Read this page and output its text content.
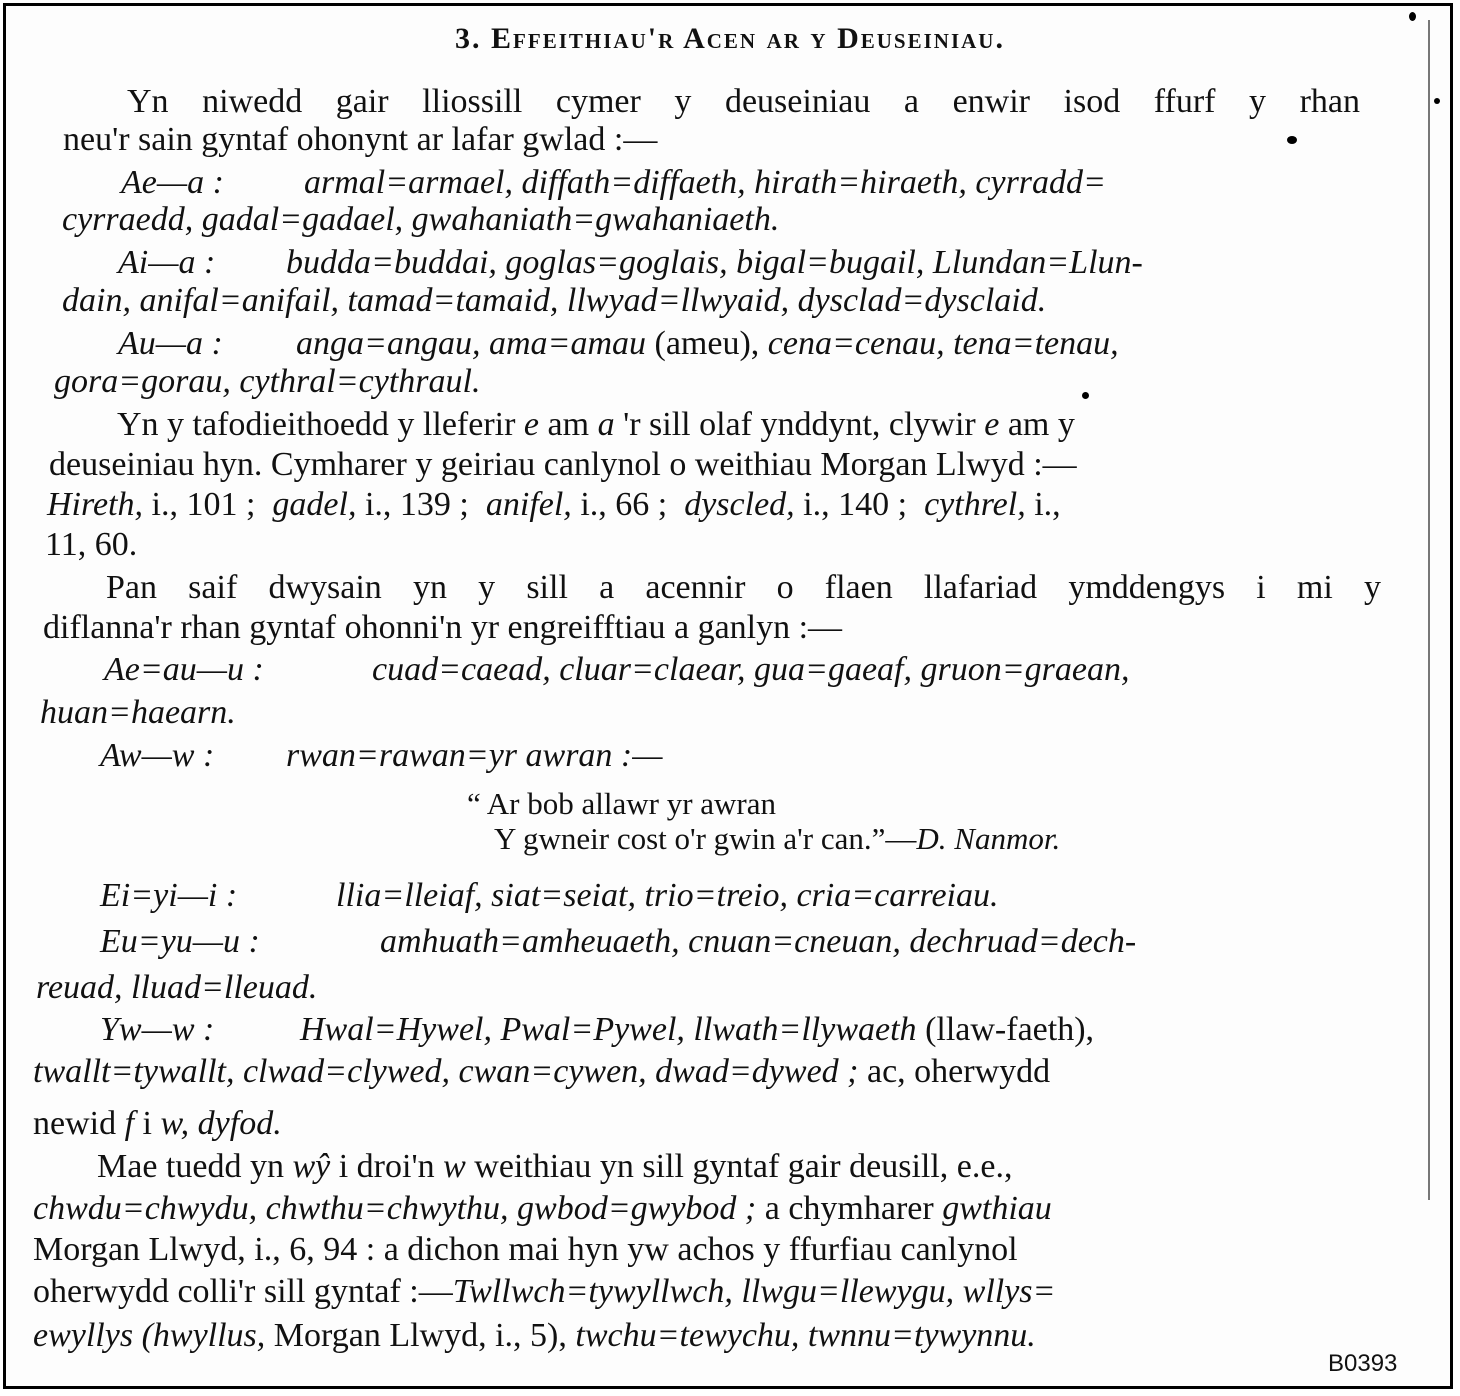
3. Effeithiau'r Acen ar y Deuseiniau.
Yn niwedd gair lliossill cymer y deuseiniau a enwir isod ffurf y rhan
neu'r sain gyntaf ohonynt ar lafar gwlad :—
Ae—a : armal=armael, diffath=diffaeth, hirath=hiraeth, cyrradd=
cyrraedd, gadal=gadael, gwahaniath=gwahaniaeth.
Ai—a : budda=buddai, goglas=goglais, bigal=bugail, Llundan=Llun-
dain, anifal=anifail, tamad=tamaid, llwyad=llwyaid, dysclad=dysclaid.
Au—a : anga=angau, ama=amau (ameu), cena=cenau, tena=tenau,
gora=gorau, cythral=cythraul.
Yn y tafodieithoedd y lleferir e am a 'r sill olaf ynddynt, clywir e am y
deuseiniau hyn. Cymharer y geiriau canlynol o weithiau Morgan Llwyd :—
Hireth, i., 101 ; gadel, i., 139 ; anifel, i., 66 ; dyscled, i., 140 ; cythrel, i.,
11, 60.
Pan saif dwysain yn y sill a acennir o flaen llafariad ymddengys i mi y
diflanna'r rhan gyntaf ohonni'n yr engreifftiau a ganlyn :—
Ae=au—u :	cuad=caead, cluar=claear, gua=gaeaf, gruon=graean,
huan=haearn.
Aw—w : rwan=rawan=yr awran :—
“ Ar bob allawr yr awran
Y gwneir cost o'r gwin a'r can.”—D. Nanmor.
Ei=yi—i :	llia=lleiaf, siat=seiat, trio=treio, cria=carreiau.
Eu=yu—u :	amhuath=amheuaeth, cnuan=cneuan, dechruad=dech-
reuad, lluad=lleuad.
Yw—w :	Hwal=Hywel, Pwal=Pywel, llwath=llywaeth (llaw-faeth),
twallt=tywallt, clwad=clywed, cwan=cywen, dwad=dywed ; ac, oherwydd
newid f i w, dyfod.
Mae tuedd yn wŷ i droi'n w weithiau yn sill gyntaf gair deusill, e.e.,
chwdu=chwydu, chwthu=chwythu, gwbod=gwybod ; a chymharer gwthiau
Morgan Llwyd, i., 6, 94 : a dichon mai hyn yw achos y ffurfiau canlynol
oherwydd colli'r sill gyntaf :—Twllwch=tywyllwch, llwgu=llewygu, wllys=
ewyllys (hwyllus, Morgan Llwyd, i., 5), twchu=tewychu, twnnu=tywynnu.
B0393
